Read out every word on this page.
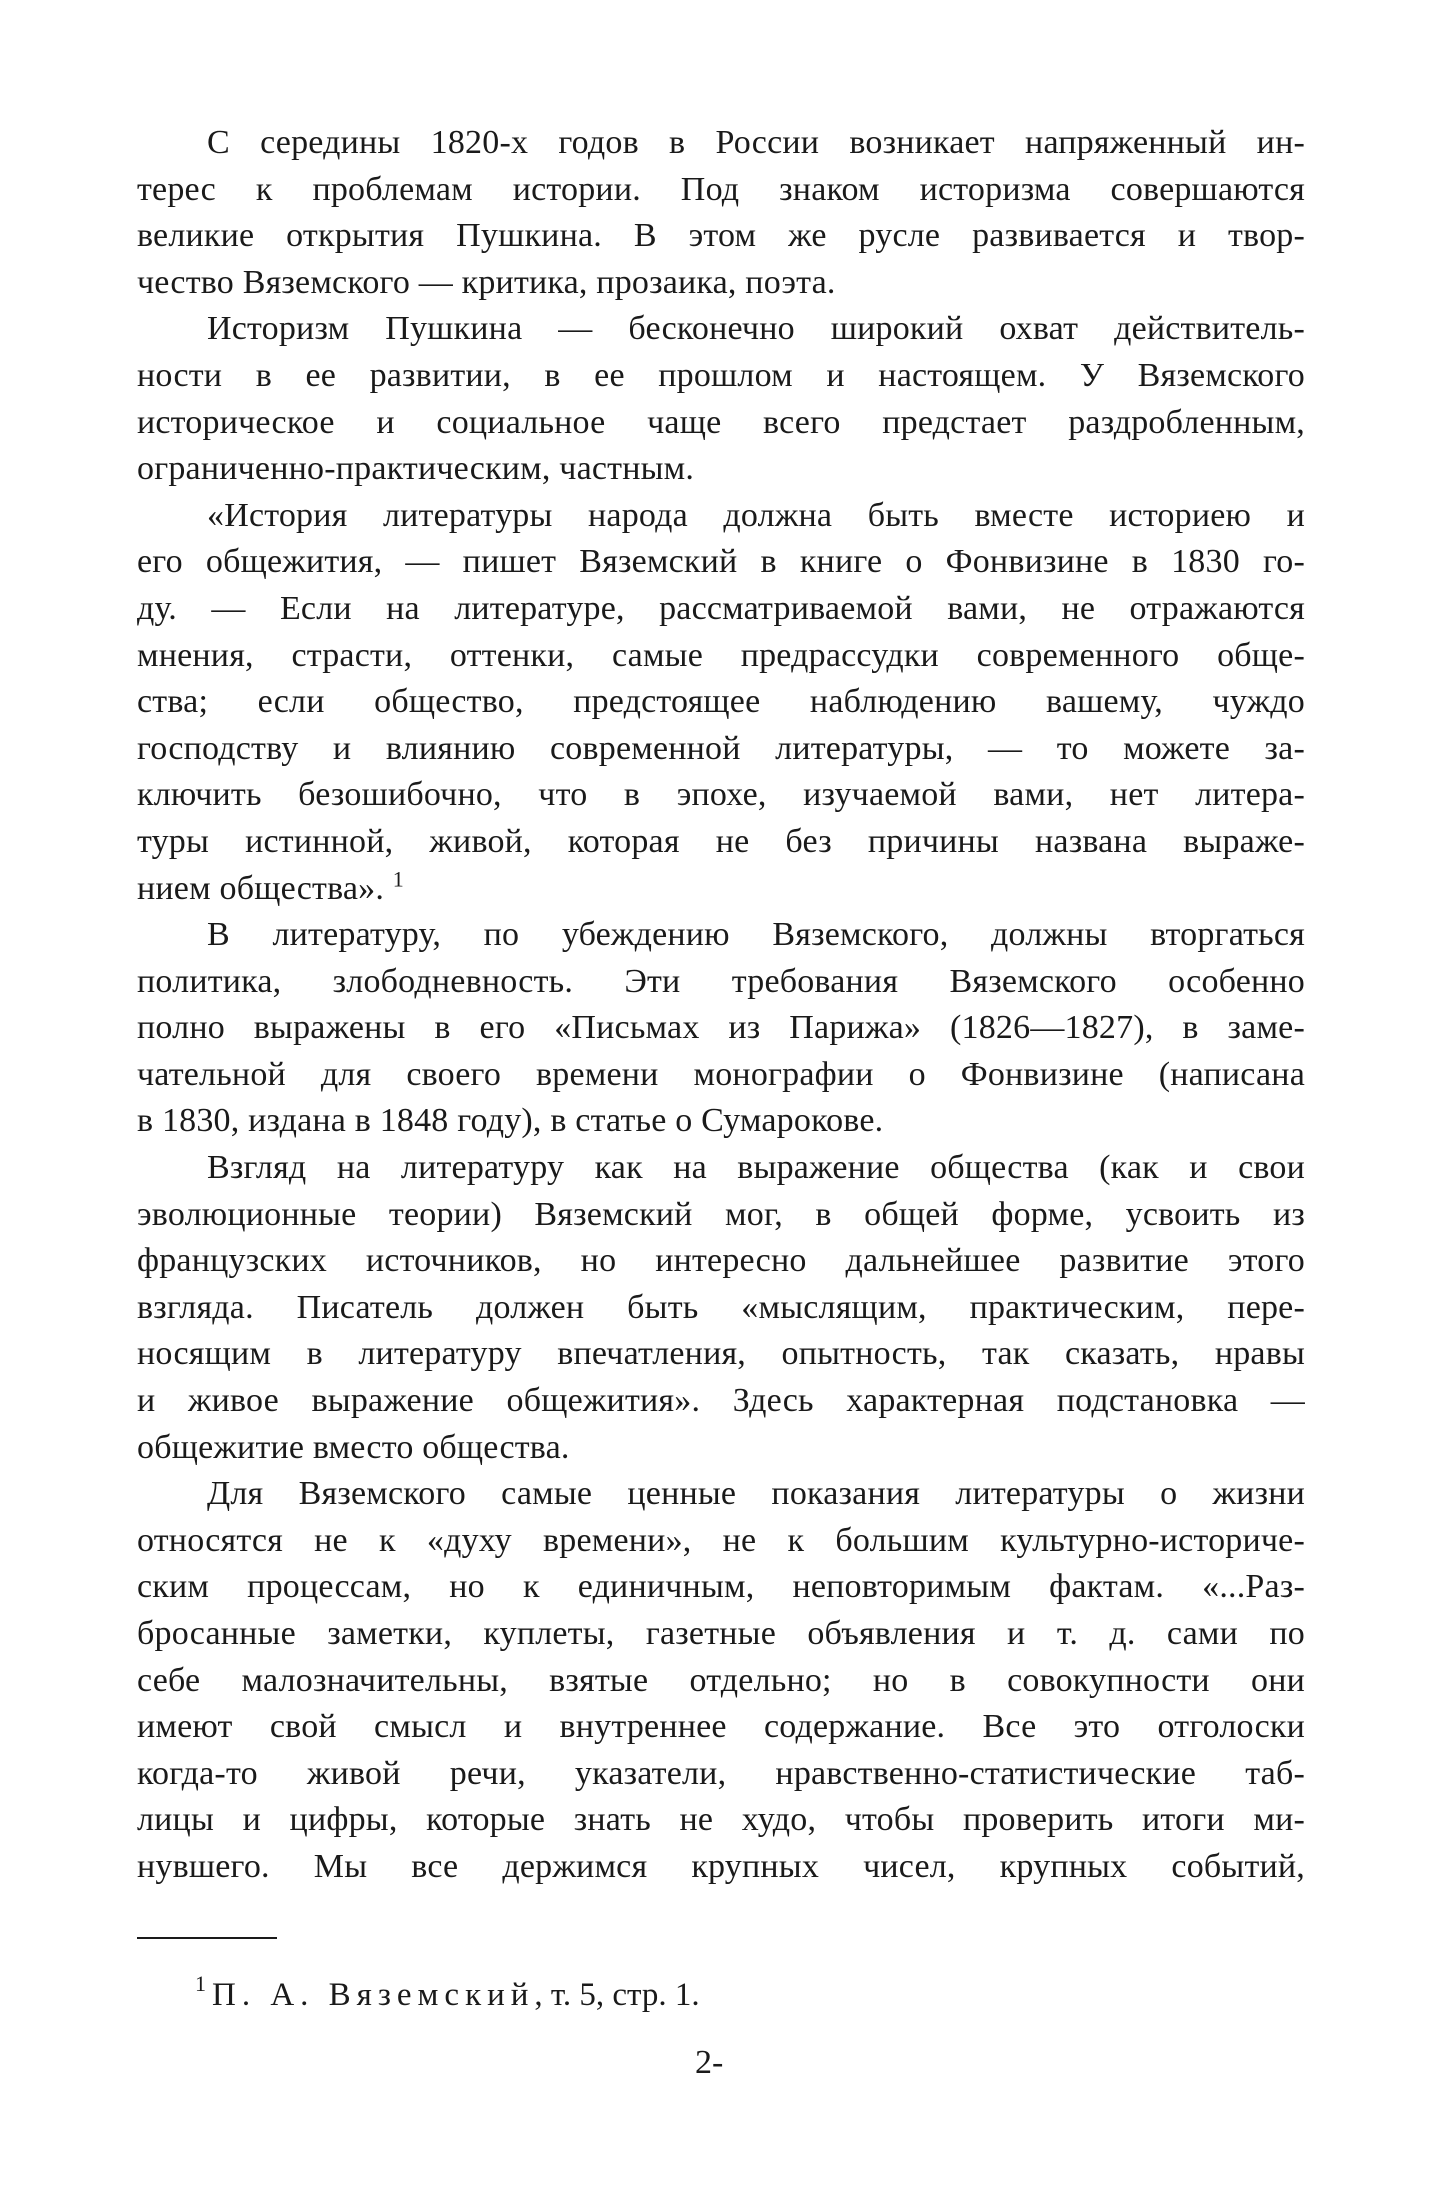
С середины 1820-х годов в России возникает напряженный ин-
терес к проблемам истории. Под знаком историзма совершаются
великие открытия Пушкина. В этом же русле развивается и твор-
чество Вяземского — критика, прозаика, поэта.
Историзм Пушкина — бесконечно широкий охват действитель-
ности в ее развитии, в ее прошлом и настоящем. У Вяземского
историческое и социальное чаще всего предстает раздробленным,
ограниченно-практическим, частным.
«История литературы народа должна быть вместе историею и
его общежития, — пишет Вяземский в книге о Фонвизине в 1830 го-
ду. — Если на литературе, рассматриваемой вами, не отражаются
мнения, страсти, оттенки, самые предрассудки современного обще-
ства; если общество, предстоящее наблюдению вашему, чуждо
господству и влиянию современной литературы, — то можете за-
ключить безошибочно, что в эпохе, изучаемой вами, нет литера-
туры истинной, живой, которая не без причины названа выраже-
нием общества». $^1$
В литературу, по убеждению Вяземского, должны вторгаться
политика, злободневность. Эти требования Вяземского особенно
полно выражены в его «Письмах из Парижа» (1826—1827), в заме-
чательной для своего времени монографии о Фонвизине (написана
в 1830, издана в 1848 году), в статье о Сумарокове.
Взгляд на литературу как на выражение общества (как и свои
эволюционные теории) Вяземский мог, в общей форме, усвоить из
французских источников, но интересно дальнейшее развитие этого
взгляда. Писатель должен быть «мыслящим, практическим, пере-
носящим в литературу впечатления, опытность, так сказать, нравы
и живое выражение общежития». Здесь характерная подстановка —
общежитие вместо общества.
Для Вяземского самые ценные показания литературы о жизни
относятся не к «духу времени», не к большим культурно-историче-
ским процессам, но к единичным, неповторимым фактам. «...Раз-
бросанные заметки, куплеты, газетные объявления и т. д. сами по
себе малозначительны, взятые отдельно; но в совокупности они
имеют свой смысл и внутреннее содержание. Все это отголоски
когда-то живой речи, указатели, нравственно-статистические таб-
лицы и цифры, которые знать не худо, чтобы проверить итоги ми-
нувшего. Мы все держимся крупных чисел, крупных событий,
$^1$ П. А. Вяземский, т. 5, стр. 1.
2-
